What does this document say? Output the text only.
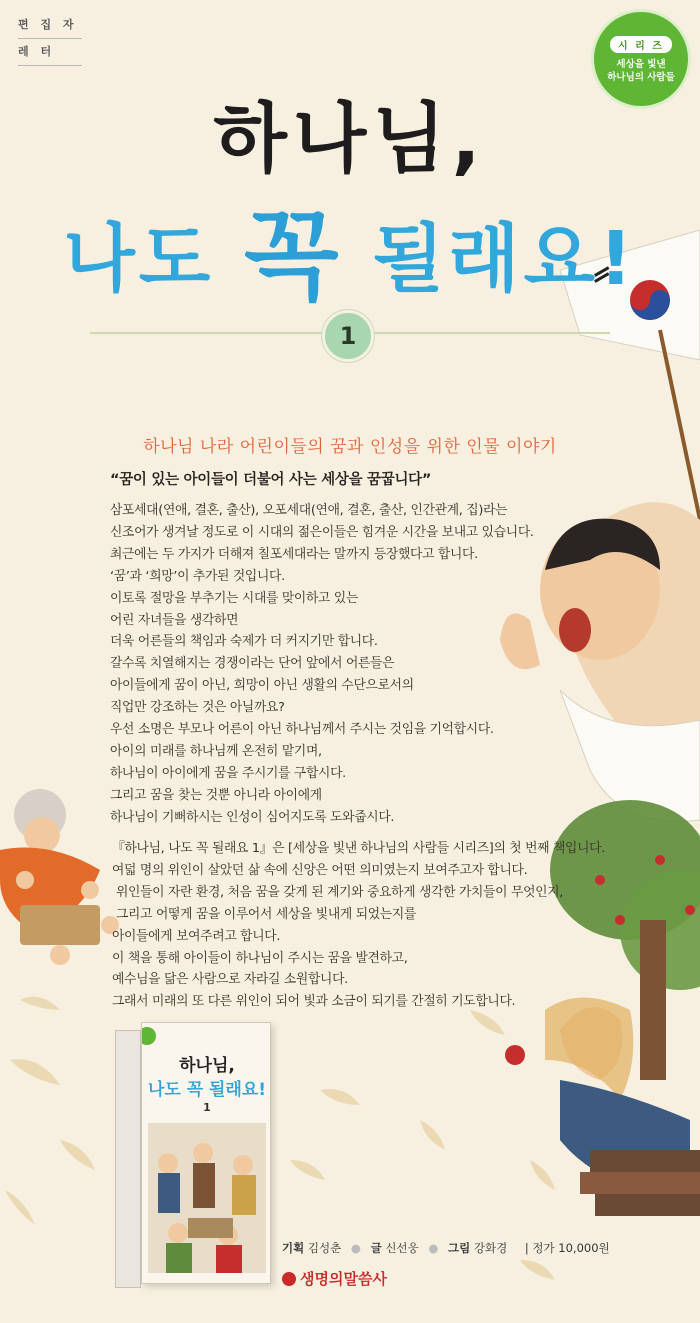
편 집 자
레 터	시 리 즈
세상을 빛낸
하나님의 사람들
하나님,
나도 꼭 될래요!
1
하나님 나라 어린이들의 꿈과 인성을 위한 인물 이야기
“꿈이 있는 아이들이 더불어 사는 세상을 꿈꿉니다”
삼포세대(연애, 결혼, 출산), 오포세대(연애, 결혼, 출산, 인간관계, 집)라는
신조어가 생겨날 정도로 이 시대의 젊은이들은 힘겨운 시간을 보내고 있습니다.
최근에는 두 가지가 더해져 칠포세대라는 말까지 등장했다고 합니다.
‘꿈’과 ‘희망’이 추가된 것입니다.
이토록 절망을 부추기는 시대를 맞이하고 있는
어린 자녀들을 생각하면
더욱 어른들의 책임과 숙제가 더 커지기만 합니다.
갈수록 치열해지는 경쟁이라는 단어 앞에서 어른들은
아이들에게 꿈이 아닌, 희망이 아닌 생활의 수단으로서의
직업만 강조하는 것은 아닐까요?
우선 소명은 부모나 어른이 아닌 하나님께서 주시는 것임을 기억합시다.
아이의 미래를 하나님께 온전히 맡기며,
하나님이 아이에게 꿈을 주시기를 구합시다.
그리고 꿈을 찾는 것뿐 아니라 아이에게
하나님이 기뻐하시는 인성이 심어지도록 도와줍시다.
『하나님, 나도 꼭 될래요 1』은 [세상을 빛낸 하나님의 사람들 시리즈]의 첫 번째 책입니다.
여덟 명의 위인이 살았던 삶 속에 신앙은 어떤 의미였는지 보여주고자 합니다.
위인들이 자란 환경, 처음 꿈을 갖게 된 계기와 중요하게 생각한 가치들이 무엇인지,
그리고 어떻게 꿈을 이루어서 세상을 빛내게 되었는지를
아이들에게 보여주려고 합니다.
이 책을 통해 아이들이 하나님이 주시는 꿈을 발견하고,
예수님을 닮은 사람으로 자라길 소원합니다.
그래서 미래의 또 다른 위인이 되어 빛과 소금이 되기를 간절히 기도합니다.
하나님,
나도 꼭 될래요!
1
기획 김성춘 ● 글 신선웅 ● 그림 강화경 | 정가 10,000원
생명의말씀사
